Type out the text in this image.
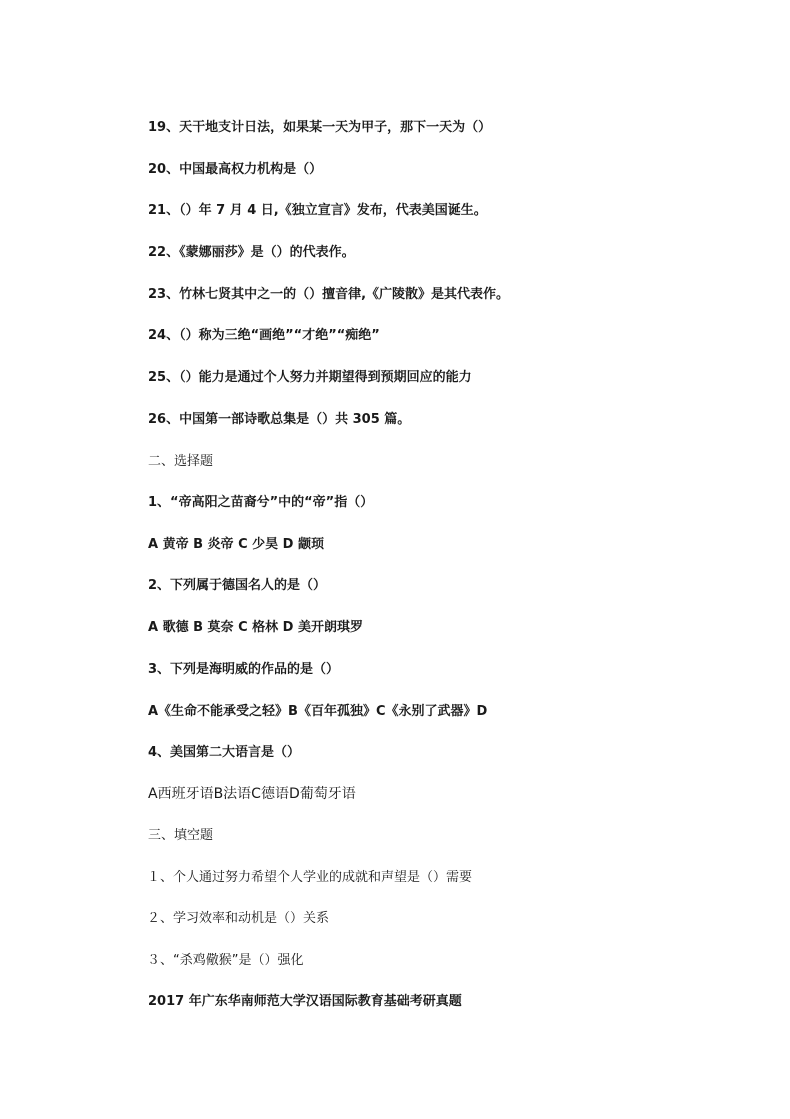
19、天干地支计日法，如果某一天为甲子，那下一天为（）
20、中国最高权力机构是（）
21、（）年 7 月 4 日,《独立宣言》发布，代表美国诞生。
22、《蒙娜丽莎》是（）的代表作。
23、竹林七贤其中之一的（）擅音律,《广陵散》是其代表作。
24、（）称为三绝“画绝”“才绝”“痴绝”
25、（）能力是通过个人努力并期望得到预期回应的能力
26、中国第一部诗歌总集是（）共 305 篇。
二、选择题
1、“帝高阳之苗裔兮”中的“帝”指（）
A 黄帝 B 炎帝 C 少昊 D 颛顼
2、下列属于德国名人的是（）
A 歌德 B 莫奈 C 格林 D 美开朗琪罗
3、下列是海明威的作品的是（）
A《生命不能承受之轻》B《百年孤独》C《永别了武器》D
4、美国第二大语言是（）
A西班牙语B法语C德语D葡萄牙语
三、填空题
１、个人通过努力希望个人学业的成就和声望是（）需要
２、学习效率和动机是（）关系
３、“杀鸡儆猴”是（）强化
2017 年广东华南师范大学汉语国际教育基础考研真题
